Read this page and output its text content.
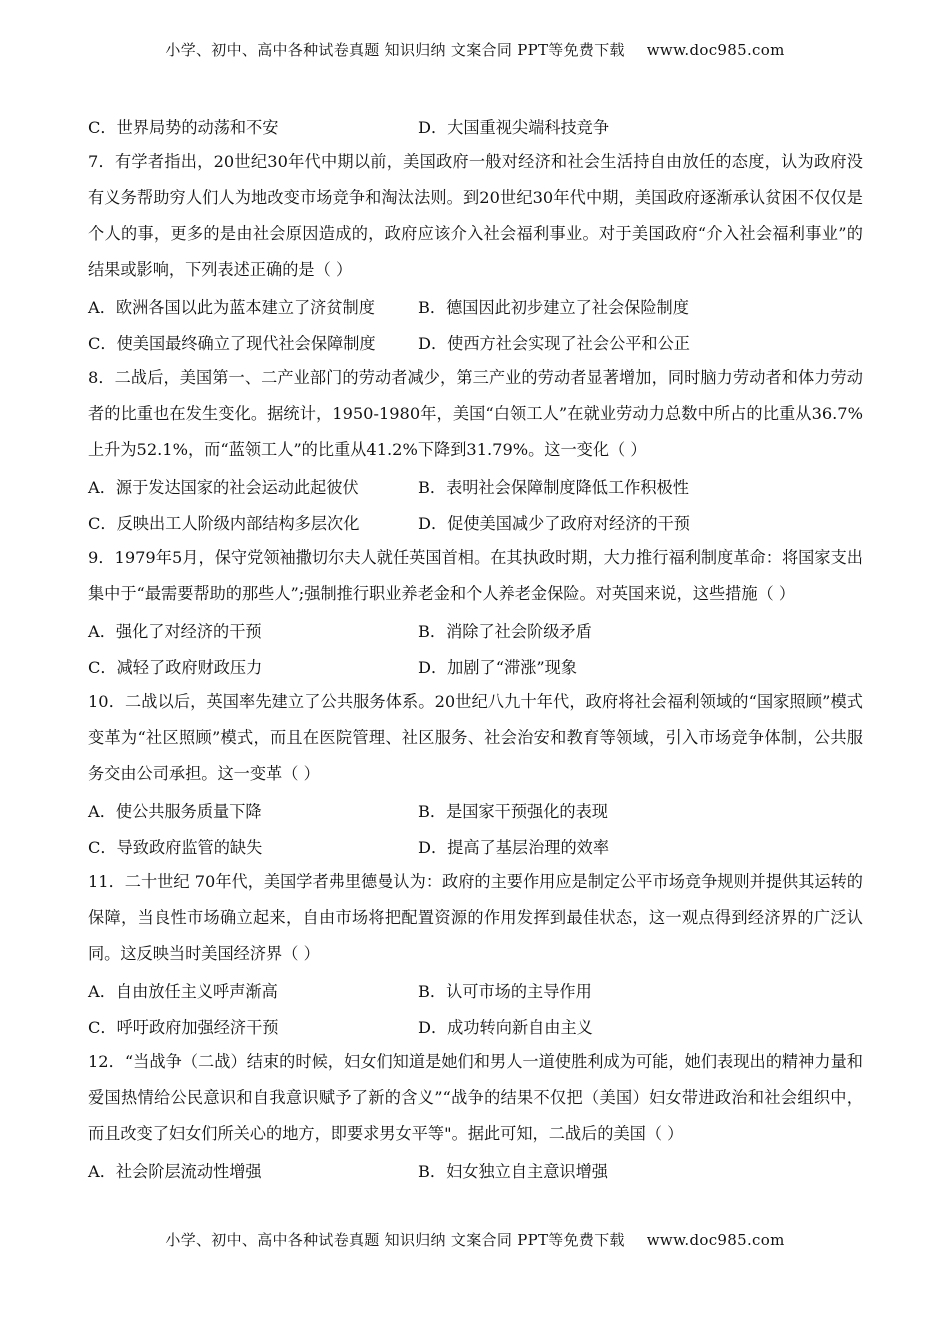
小学、初中、高中各种试卷真题 知识归纳 文案合同 PPT等免费下载 www.doc985.com
C．世界局势的动荡和不安	D．大国重视尖端科技竞争
7．有学者指出，20世纪30年代中期以前，美国政府一般对经济和社会生活持自由放任的态度，认为政府没有义务帮助穷人们人为地改变市场竞争和淘汰法则。到20世纪30年代中期，美国政府逐渐承认贫困不仅仅是个人的事，更多的是由社会原因造成的，政府应该介入社会福利事业。对于美国政府“介入社会福利事业”的结果或影响，下列表述正确的是（ ）
A．欧洲各国以此为蓝本建立了济贫制度	B．德国因此初步建立了社会保险制度
C．使美国最终确立了现代社会保障制度	D．使西方社会实现了社会公平和公正
8．二战后，美国第一、二产业部门的劳动者减少，第三产业的劳动者显著增加，同时脑力劳动者和体力劳动者的比重也在发生变化。据统计，1950-1980年，美国“白领工人”在就业劳动力总数中所占的比重从36.7%上升为52.1%，而“蓝领工人”的比重从41.2%下降到31.79%。这一变化（ ）
A．源于发达国家的社会运动此起彼伏	B．表明社会保障制度降低工作积极性
C．反映出工人阶级内部结构多层次化	D．促使美国减少了政府对经济的干预
9．1979年5月，保守党领袖撒切尔夫人就任英国首相。在其执政时期，大力推行福利制度革命：将国家支出集中于“最需要帮助的那些人”;强制推行职业养老金和个人养老金保险。对英国来说，这些措施（ ）
A．强化了对经济的干预	B．消除了社会阶级矛盾
C．减轻了政府财政压力	D．加剧了“滞涨”现象
10．二战以后，英国率先建立了公共服务体系。20世纪八九十年代，政府将社会福利领域的“国家照顾”模式变革为“社区照顾”模式，而且在医院管理、社区服务、社会治安和教育等领域，引入市场竞争体制，公共服务交由公司承担。这一变革（ ）
A．使公共服务质量下降	B．是国家干预强化的表现
C．导致政府监管的缺失	D．提高了基层治理的效率
11．二十世纪 70年代，美国学者弗里德曼认为：政府的主要作用应是制定公平市场竞争规则并提供其运转的保障，当良性市场确立起来，自由市场将把配置资源的作用发挥到最佳状态，这一观点得到经济界的广泛认同。这反映当时美国经济界（ ）
A．自由放任主义呼声渐高	B．认可市场的主导作用
C．呼吁政府加强经济干预	D．成功转向新自由主义
12．“当战争（二战）结束的时候，妇女们知道是她们和男人一道使胜利成为可能，她们表现出的精神力量和爱国热情给公民意识和自我意识赋予了新的含义”“战争的结果不仅把（美国）妇女带进政治和社会组织中，而且改变了妇女们所关心的地方，即要求男女平等"。据此可知，二战后的美国（ ）
A．社会阶层流动性增强	B．妇女独立自主意识增强
小学、初中、高中各种试卷真题 知识归纳 文案合同 PPT等免费下载 www.doc985.com
